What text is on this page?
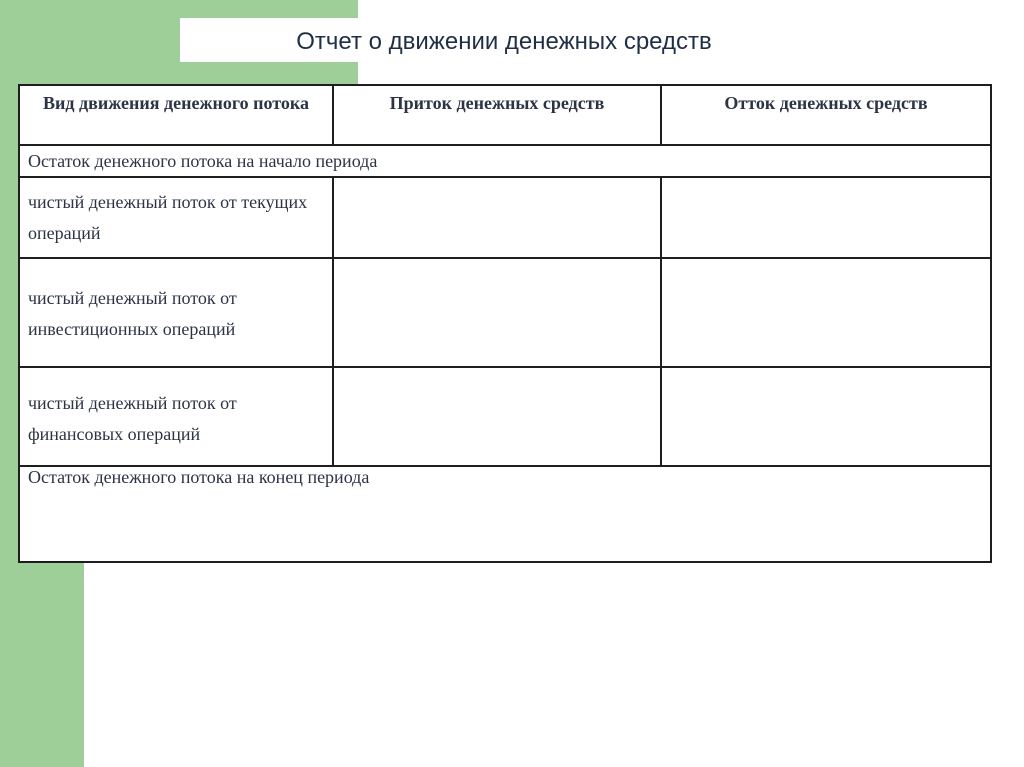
Отчет о движении денежных средств
Вид движения денежного потока	Приток денежных средств	Отток денежных средств
Остаток денежного потока на начало периода		
чистый денежный поток от текущих операций		
чистый денежный поток от инвестиционных операций		
чистый денежный поток от финансовых операций		
Остаток денежного потока на конец периода		
